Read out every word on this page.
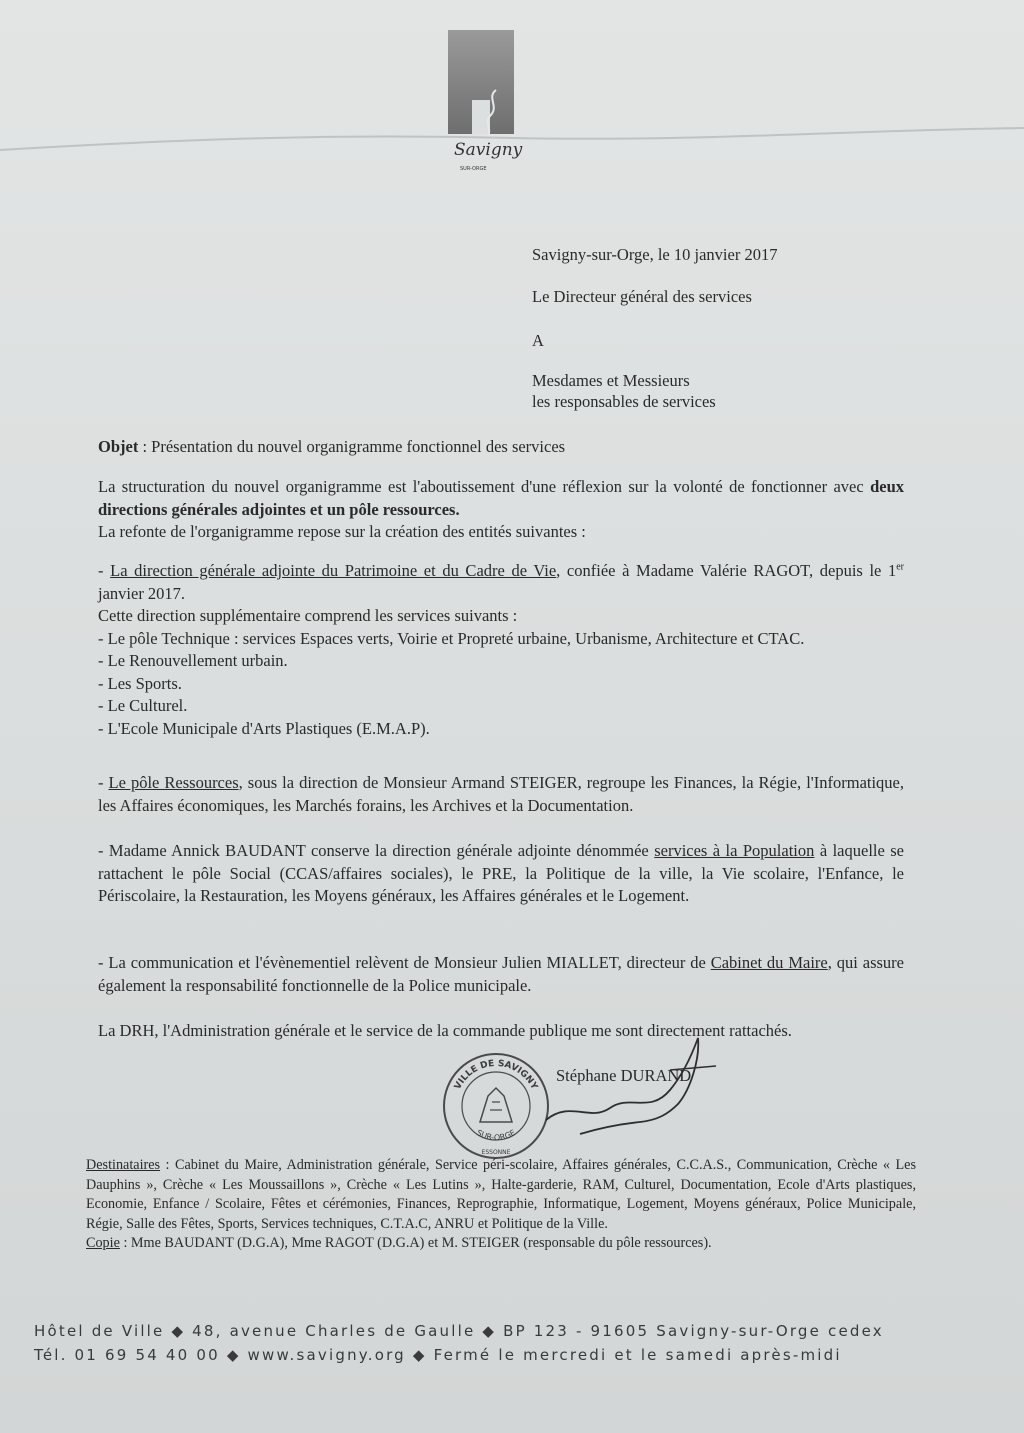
Savigny
SUR-ORGE
Savigny-sur-Orge, le 10 janvier 2017
Le Directeur général des services
A
Mesdames et Messieurs
les responsables de services
Objet : Présentation du nouvel organigramme fonctionnel des services
La structuration du nouvel organigramme est l'aboutissement d'une réflexion sur la volonté de fonctionner avec deux directions générales adjointes et un pôle ressources.
La refonte de l'organigramme repose sur la création des entités suivantes :
- La direction générale adjointe du Patrimoine et du Cadre de Vie, confiée à Madame Valérie RAGOT, depuis le 1er janvier 2017.
Cette direction supplémentaire comprend les services suivants :
- Le pôle Technique : services Espaces verts, Voirie et Propreté urbaine, Urbanisme, Architecture et CTAC.
- Le Renouvellement urbain.
- Les Sports.
- Le Culturel.
- L'Ecole Municipale d'Arts Plastiques (E.M.A.P).
- Le pôle Ressources, sous la direction de Monsieur Armand STEIGER, regroupe les Finances, la Régie, l'Informatique, les Affaires économiques, les Marchés forains, les Archives et la Documentation.
- Madame Annick BAUDANT conserve la direction générale adjointe dénommée services à la Population à laquelle se rattachent le pôle Social (CCAS/affaires sociales), le PRE, la Politique de la ville, la Vie scolaire, l'Enfance, le Périscolaire, la Restauration, les Moyens généraux, les Affaires générales et le Logement.
- La communication et l'évènementiel relèvent de Monsieur Julien MIALLET, directeur de Cabinet du Maire, qui assure également la responsabilité fonctionnelle de la Police municipale.
La DRH, l'Administration générale et le service de la commande publique me sont directement rattachés.
VILLE DE SAVIGNY
SUR-ORGE
ESSONNE
Stéphane DURAND
Destinataires : Cabinet du Maire, Administration générale, Service péri-scolaire, Affaires générales, C.C.A.S., Communication, Crèche « Les Dauphins », Crèche « Les Moussaillons », Crèche « Les Lutins », Halte-garderie, RAM, Culturel, Documentation, Ecole d'Arts plastiques, Economie, Enfance / Scolaire, Fêtes et cérémonies, Finances, Reprographie, Informatique, Logement, Moyens généraux, Police Municipale, Régie, Salle des Fêtes, Sports, Services techniques, C.T.A.C, ANRU et Politique de la Ville.
Copie : Mme BAUDANT (D.G.A), Mme RAGOT (D.G.A) et M. STEIGER (responsable du pôle ressources).
Hôtel de Ville ◆ 48, avenue Charles de Gaulle ◆ BP 123 - 91605 Savigny-sur-Orge cedex
Tél. 01 69 54 40 00 ◆ www.savigny.org ◆ Fermé le mercredi et le samedi après-midi
